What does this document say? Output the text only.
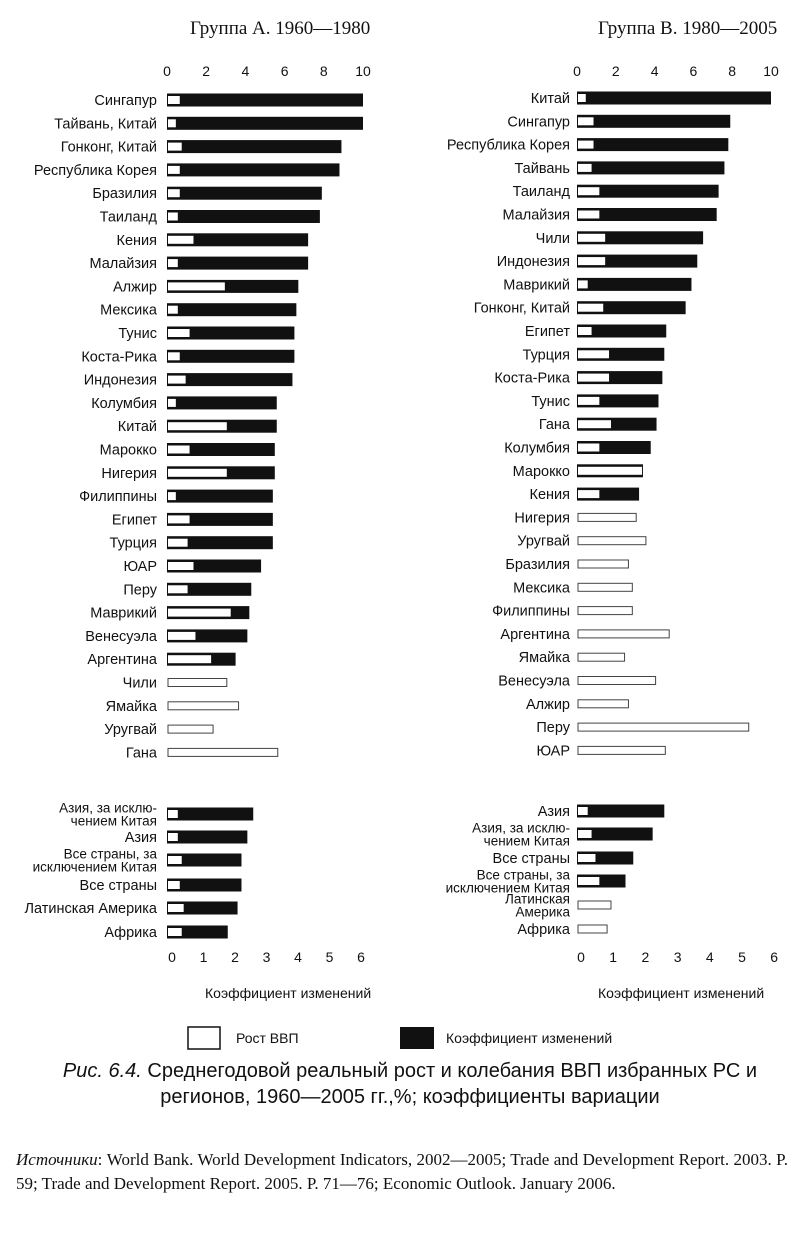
Группа А. 1960—1980
0 2 4 6 8 10
Сингапур
Тайвань, Китай
Гонконг, Китай
Республика Корея
Бразилия
Таиланд
Кения
Малайзия
Алжир
Мексика
Тунис
Коста-Рика
Индонезия
Колумбия
Китай
Марокко
Нигерия
Филиппины
Египет
Турция
ЮАР
Перу
Маврикий
Венесуэла
Аргентина
Чили
Ямайка
Уругвай
Гана
Азия, за исклю-
чением Китая
Азия
Все страны, за
исключением Китая
Все страны
Латинская Америка
Африка
0 1 2 3 4 5 6
Коэффициент изменений
Группа В. 1980—2005
0 2 4 6 8 10
Китай
Сингапур
Республика Корея
Тайвань
Таиланд
Малайзия
Чили
Индонезия
Маврикий
Гонконг, Китай
Египет
Турция
Коста-Рика
Тунис
Гана
Колумбия
Марокко
Кения
Нигерия
Уругвай
Бразилия
Мексика
Филиппины
Аргентина
Ямайка
Венесуэла
Алжир
Перу
ЮАР
Азия
Азия, за исклю-
чением Китая
Все страны
Все страны, за
исключением Китая
Латинская
Америка
Африка
0 1 2 3 4 5 6
Коэффициент изменений
Рост ВВП	Коэффициент изменений
Рис. 6.4. Среднегодовой реальный рост и колебания ВВП избранных РС и регионов, 1960—2005 гг.,%; коэффициенты вариации
Источники: World Bank. World Development Indicators, 2002—2005; Trade and Development Report. 2003. P. 59; Trade and Development Report. 2005. P. 71—76; Economic Outlook. January 2006.
